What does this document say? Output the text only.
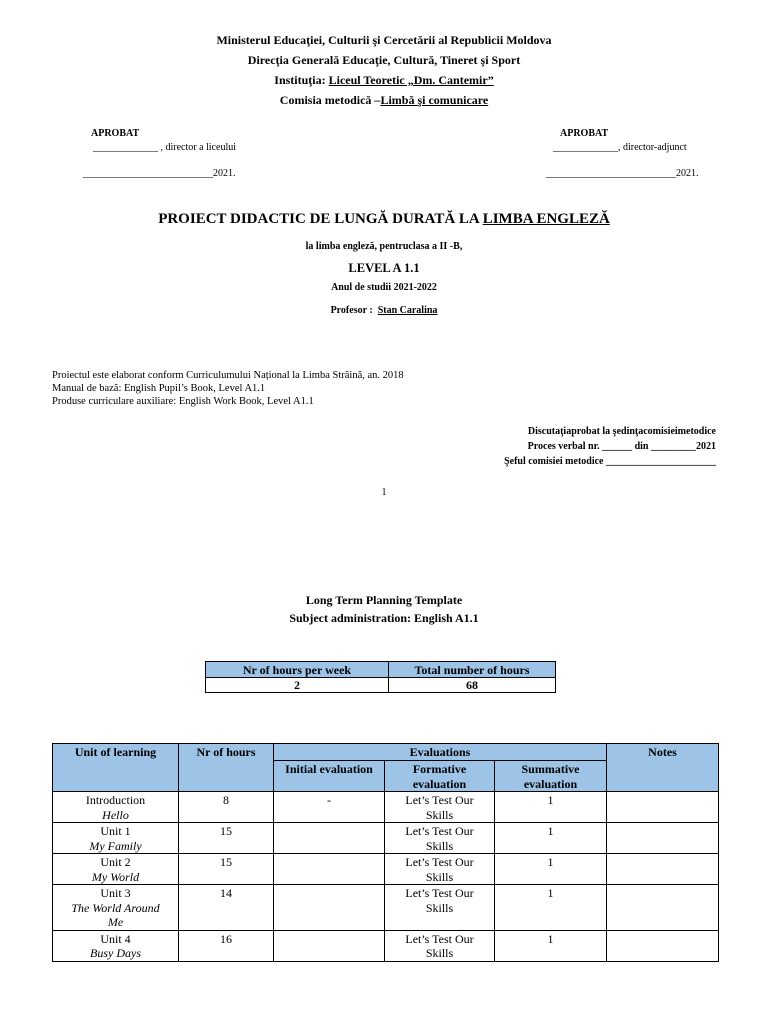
Ministerul Educaţiei, Culturii şi Cercetării al Republicii Moldova
Direcţia Generală Educaţie, Cultură, Tineret şi Sport
Instituţia: Liceul Teoretic „Dm. Cantemir”
Comisia metodică –Limbă şi comunicare
APROBAT
_____________ , director a liceului
__________________________2021.
APROBAT
_____________, director-adjunct
__________________________2021.
PROIECT DIDACTIC DE LUNGĂ DURATĂ LA LIMBA ENGLEZĂ
la limba engleză, pentruclasa a II -B,
LEVEL A 1.1
Anul de studii 2021-2022
Profesor :  Stan Caralina
Proiectul este elaborat conform Curriculumului Național la Limba Străină, an. 2018
Manual de bază: English Pupil’s Book, Level A1.1
Produse curriculare auxiliare: English Work Book, Level A1.1
Discutaţiaprobat la şedinţacomisieimetodice
Proces verbal nr. ______ din _________2021
Şeful comisiei metodice ______________________
1
Long Term Planning Template
Subject administration: English A1.1
Nr of hours per week	Total number of hours
2	68
Unit of learning	Nr of hours	Evaluations			Notes
		Initial evaluation	Formative evaluation	Summative evaluation	

Introduction
Hello	8	-	Let’s Test Our Skills	1	

Unit 1
My Family	15		Let’s Test Our Skills	1	

Unit 2
My World	15		Let’s Test Our Skills	1	

Unit 3
The World Around Me	14		Let’s Test Our Skills	1	

Unit 4
Busy Days	16		Let’s Test Our Skills	1	
